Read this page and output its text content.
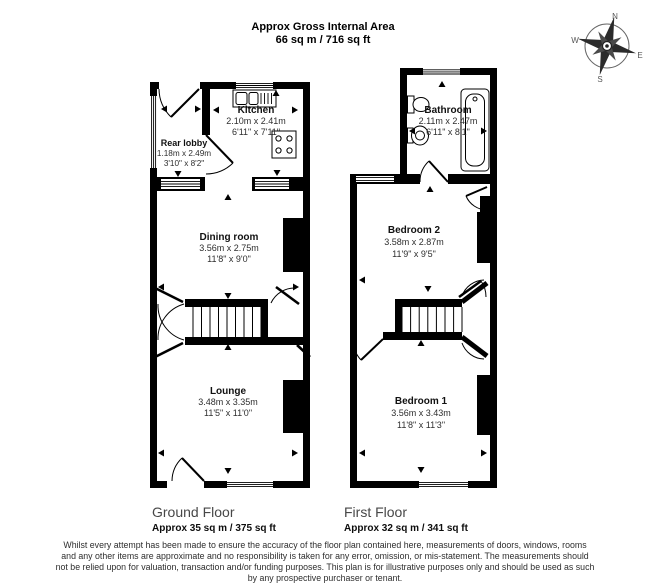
Approx Gross Internal Area
66 sq m / 716 sq ft
N
E
S
W
Kitchen
2.10m x 2.41m
6'11" x 7'11"
Rear lobby
1.18m x 2.49m
3'10" x 8'2"
Dining room
3.56m x 2.75m
11'8" x 9'0"
Lounge
3.48m x 3.35m
11'5" x 11'0"
Bathroom
2.11m x 2.47m
6'11" x 8'1"
Bedroom 2
3.58m x 2.87m
11'9" x 9'5"
Bedroom 1
3.56m x 3.43m
11'8" x 11'3"
Ground Floor
Approx 35 sq m / 375 sq ft
First Floor
Approx 32 sq m / 341 sq ft
Whilst every attempt has been made to ensure the accuracy of the floor plan contained here, measurements of doors, windows, rooms and any other items are approximate and no responsibility is taken for any error, omission, or mis-statement. The measurements should not be relied upon for valuation, transaction and/or funding purposes. This plan is for illustrative purposes only and should be used as such by any prospective purchaser or tenant.
